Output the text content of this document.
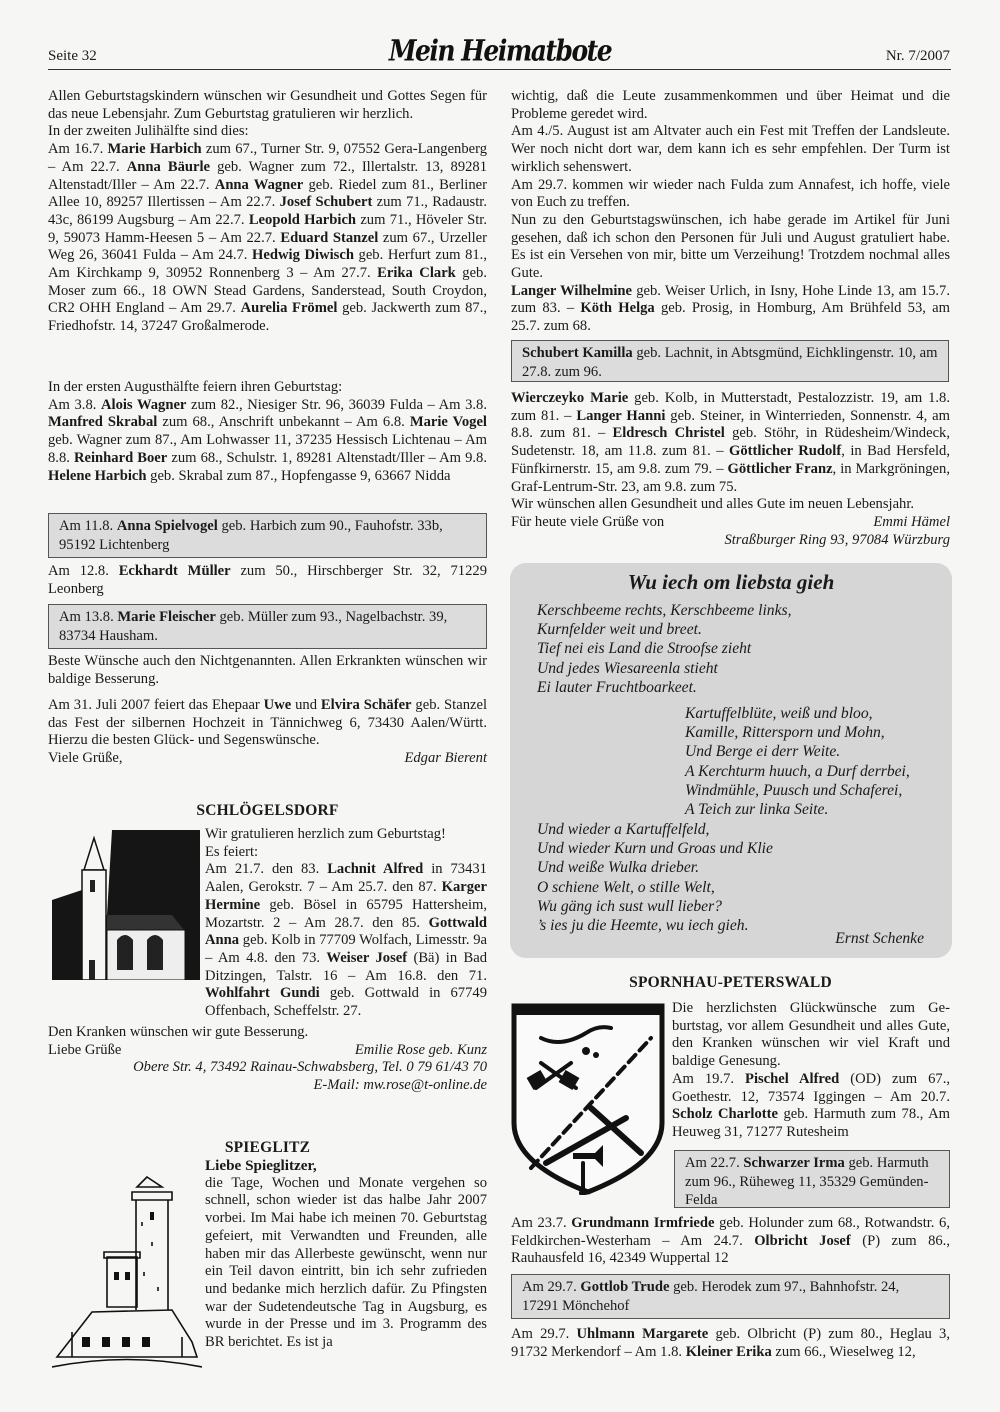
Seite 32	Mein Heimatbote	Nr. 7/2007

Allen Geburtstagskindern wünschen wir Gesundheit und Gottes Segen für das neue Lebensjahr. Zum Geburtstag gratulieren wir herzlich.

In der zweiten Julihälfte sind dies:

Am 16.7. Marie Harbich zum 67., Turner Str. 9, 07552 Gera-Langenberg – Am 22.7. Anna Bäurle geb. Wagner zum 72., Illertalstr. 13, 89281 Altenstadt/Iller – Am 22.7. Anna Wagner geb. Riedel zum 81., Berliner Allee 10, 89257 Illertissen – Am 22.7. Josef Schubert zum 71., Radaustr. 43c, 86199 Augsburg – Am 22.7. Leopold Harbich zum 71., Höveler Str. 9, 59073 Hamm-Heesen 5 – Am 22.7. Eduard Stanzel zum 67., Urzeller Weg 26, 36041 Fulda – Am 24.7. Hedwig Diwisch geb. Herfurt zum 81., Am Kirchkamp 9, 30952 Ronnenberg 3 – Am 27.7. Erika Clark geb. Moser zum 66., 18 OWN Stead Gardens, Sanderstead, South Croydon, CR2 OHH England – Am 29.7. Aurelia Frömel geb. Jackwerth zum 87., Friedhofstr. 14, 37247 Großalmerode.

In der ersten Augusthälfte feiern ihren Geburtstag:

Am 3.8. Alois Wagner zum 82., Niesiger Str. 96, 36039 Fulda – Am 3.8. Manfred Skrabal zum 68., Anschrift unbekannt – Am 6.8. Marie Vogel geb. Wagner zum 87., Am Lohwasser 11, 37235 Hessisch Lichtenau – Am 8.8. Reinhard Boer zum 68., Schulstr. 1, 89281 Altenstadt/Iller – Am 9.8. Helene Harbich geb. Skrabal zum 87., Hopfengasse 9, 63667 Nidda

Am 11.8. Anna Spielvogel geb. Harbich zum 90., Fauhofstr. 33b, 95192 Lichtenberg
Am 12.8. Eckhardt Müller zum 50., Hirschberger Str. 32, 71229 Leonberg
Am 13.8. Marie Fleischer geb. Müller zum 93., Nagelbachstr. 39, 83734 Hausham.
Beste Wünsche auch den Nichtgenannten. Allen Erkrankten wünschen wir baldige Besserung.

Am 31. Juli 2007 feiert das Ehepaar Uwe und Elvira Schäfer geb. Stanzel das Fest der silbernen Hochzeit in Tännichweg 6, 73430 Aalen/Württ. Hierzu die besten Glück- und Segenswünsche.

Viele Grüße,	Edgar Bierent
SCHLÖGELSDORF

Wir gratulieren herzlich zum Geburtstag!

Es feiert:

Am 21.7. den 83. Lachnit Alfred in 73431 Aalen, Gerokstr. 7 – Am 25.7. den 87. Karger Hermine geb. Bösel in 65795 Hattersheim, Mozartstr. 2 – Am 28.7. den 85. Gottwald Anna geb. Kolb in 77709 Wolfach, Limesstr. 9a – Am 4.8. den 73. Weiser Josef (Bä) in Bad Ditzingen, Talstr. 16 – Am 16.8. den 71. Wohlfahrt Gundi geb. Gottwald in 67749 Offenbach, Scheffelstr. 27.

Den Kranken wünschen wir gute Besserung.

Liebe Grüße	Emilie Rose geb. Kunz

Obere Str. 4, 73492 Rainau-Schwabsberg, Tel. 0 79 61/43 70

E-Mail: mw.rose@t-online.de

SPIEGLITZ

Liebe Spieglitzer,

die Tage, Wochen und Monate vergehen so schnell, schon wieder ist das halbe Jahr 2007 vorbei. Im Mai habe ich meinen 70. Geburtstag gefeiert, mit Verwandten und Freunden, alle haben mir das Allerbeste gewünscht, wenn nur ein Teil davon eintritt, bin ich sehr zufrieden und bedanke mich herzlich dafür. Zu Pfingsten war der Sudetendeutsche Tag in Augsburg, es wurde in der Presse und im 3. Programm des BR berichtet. Es ist ja

wichtig, daß die Leute zusammenkommen und über Heimat und die Probleme geredet wird.

Am 4./5. August ist am Altvater auch ein Fest mit Treffen der Landsleute. Wer noch nicht dort war, dem kann ich es sehr empfehlen. Der Turm ist wirklich sehenswert.

Am 29.7. kommen wir wieder nach Fulda zum Annafest, ich hoffe, viele von Euch zu treffen.

Nun zu den Geburtstagswünschen, ich habe gerade im Artikel für Juni gesehen, daß ich schon den Personen für Juli und August gratuliert habe. Es ist ein Versehen von mir, bitte um Verzeihung! Trotzdem nochmal alles Gute.

Langer Wilhelmine geb. Weiser Urlich, in Isny, Hohe Linde 13, am 15.7. zum 83. – Köth Helga geb. Prosig, in Homburg, Am Brühfeld 53, am 25.7. zum 68.

Schubert Kamilla geb. Lachnit, in Abtsgmünd, Eichklingenstr. 10, am 27.8. zum 96.

Wierczeyko Marie geb. Kolb, in Mutterstadt, Pestalozzistr. 19, am 1.8. zum 81. – Langer Hanni geb. Steiner, in Winterrieden, Sonnenstr. 4, am 8.8. zum 81. – Eldresch Christel geb. Stöhr, in Rüdesheim/​Windeck, Sudetenstr. 18, am 11.8. zum 81. – Göttlicher Rudolf, in Bad Hersfeld, Fünfkirnerstr. 15, am 9.8. zum 79. – Göttlicher Franz, in Markgröningen, Graf-Lentrum-Str. 23, am 9.8. zum 75.

Wir wünschen allen Gesundheit und alles Gute im neuen Lebensjahr.

Für heute viele Grüße von	Emmi Hämel

Straßburger Ring 93, 97084 Würzburg

Wu iech om liebsta gieh
Kerschbeeme rechts, Kerschbeeme links,
Kurnfelder weit und breet.
Tief nei eis Land die Stroofse zieht
Und jedes Wiesareenla stieht
Ei lauter Fruchtboarkeet.
Kartuffelblüte, weiß und bloo,
Kamille, Rittersporn und Mohn,
Und Berge ei derr Weite.
A Kerchturm huuch, a Durf derrbei,
Windmühle, Puusch und Schaferei,
A Teich zur linka Seite.
Und wieder a Kartuffelfeld,
Und wieder Kurn und Groas und Klie
Und weiße Wulka drieber.
O schiene Welt, o stille Welt,
Wu gäng ich sust wull lieber?
’s ies ju die Heemte, wu iech gieh.
Ernst Schenke
SPORNHAU-PETERSWALD

Die herzlichsten Glückwünsche zum Geburtstag, vor allem Gesundheit und alles Gute, den Kranken wünschen wir viel Kraft und baldige Genesung.

Am 19.7. Pischel Alfred (OD) zum 67., Goethestr. 12, 73574 Iggingen – Am 20.7. Scholz Charlotte geb. Harmuth zum 78., Am Heuweg 31, 71277 Rutesheim

Am 22.7. Schwarzer Irma geb. Harmuth zum 96., Rüheweg 11, 35329 Gemünden-Felda
Am 23.7. Grundmann Irmfriede geb. Holunder zum 68., Rotwandstr. 6, Feldkirchen-Westerham – Am 24.7. Olbricht Josef (P) zum 86., Rauhausfeld 16, 42349 Wuppertal 12
Am 29.7. Gottlob Trude geb. Herodek zum 97., Bahnhofstr. 24, 17291 Mönchehof
Am 29.7. Uhlmann Margarete geb. Olbricht (P) zum 80., Heglau 3, 91732 Merkendorf – Am 1.8. Kleiner Erika zum 66., Wieselweg 12,
